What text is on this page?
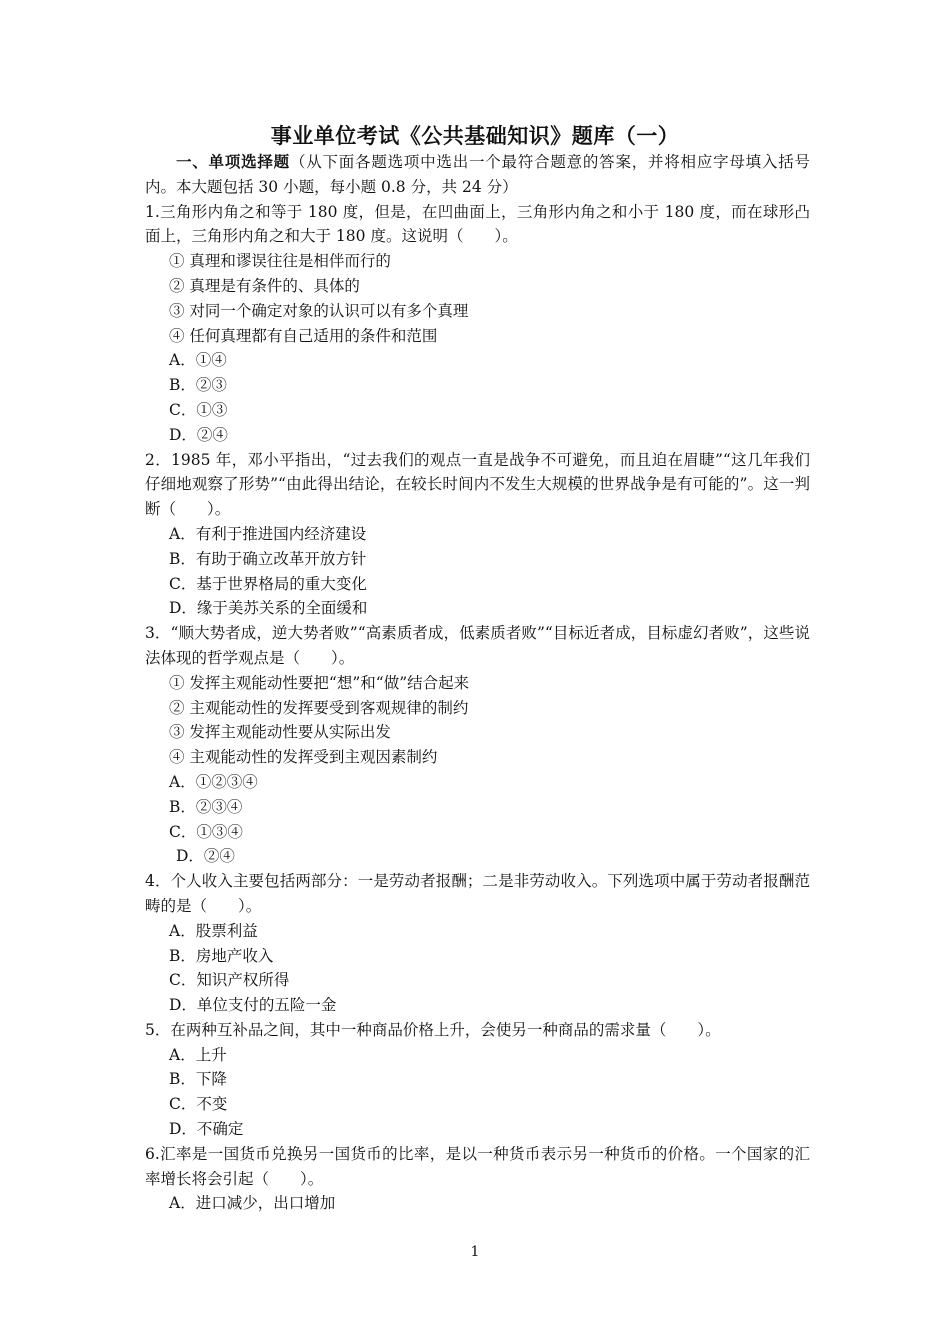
事业单位考试《公共基础知识》题库（一）

一、单项选择题（从下面各题选项中选出一个最符合题意的答案，并将相应字母填入括号内。本大题包括 30 小题，每小题 0.8 分，共 24 分）

1.三角形内角之和等于 180 度，但是，在凹曲面上，三角形内角之和小于 180 度，而在球形凸面上，三角形内角之和大于 180 度。这说明（　　）。

① 真理和谬误往往是相伴而行的

② 真理是有条件的、具体的

③ 对同一个确定对象的认识可以有多个真理

④ 任何真理都有自己适用的条件和范围

A．①④

B．②③

C．①③

D．②④

2．1985 年，邓小平指出，“过去我们的观点一直是战争不可避免，而且迫在眉睫”“这几年我们仔细地观察了形势”“由此得出结论，在较长时间内不发生大规模的世界战争是有可能的”。这一判断（　　）。

A．有利于推进国内经济建设

B．有助于确立改革开放方针

C．基于世界格局的重大变化

D．缘于美苏关系的全面缓和

3．“顺大势者成，逆大势者败”“高素质者成，低素质者败”“目标近者成，目标虚幻者败”，这些说法体现的哲学观点是（　　）。

① 发挥主观能动性要把“想”和“做”结合起来

② 主观能动性的发挥要受到客观规律的制约

③ 发挥主观能动性要从实际出发

④ 主观能动性的发挥受到主观因素制约

A．①②③④

B．②③④

C．①③④

D．②④

4．个人收入主要包括两部分：一是劳动者报酬；二是非劳动收入。下列选项中属于劳动者报酬范畴的是（　　）。

A．股票利益

B．房地产收入

C．知识产权所得

D．单位支付的五险一金

5．在两种互补品之间，其中一种商品价格上升，会使另一种商品的需求量（　　）。

A．上升

B．下降

C．不变

D．不确定

6.汇率是一国货币兑换另一国货币的比率，是以一种货币表示另一种货币的价格。一个国家的汇率增长将会引起（　　）。

A．进口减少，出口增加

1
